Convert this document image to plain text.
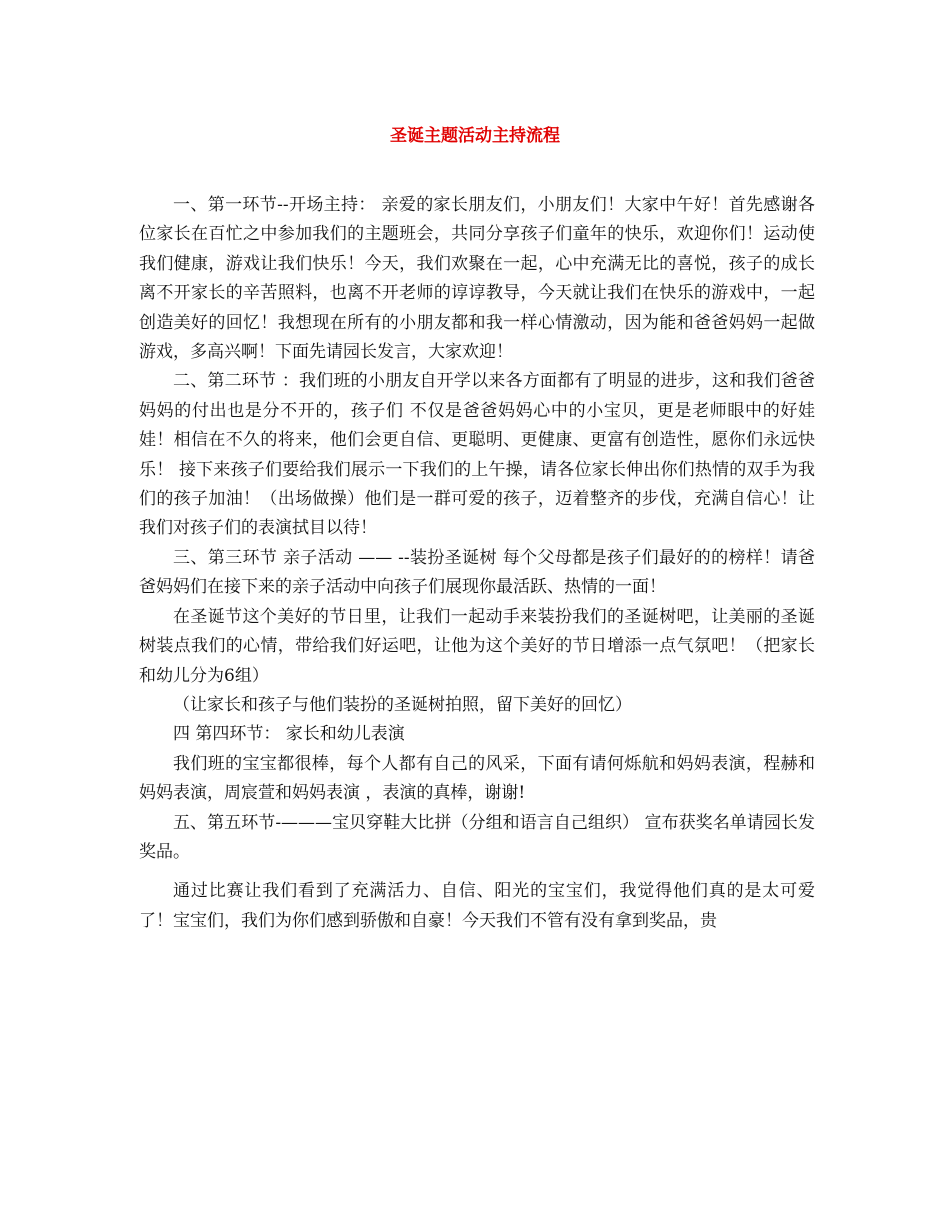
圣诞主题活动主持流程

一、第一环节--开场主持： 亲爱的家长朋友们，小朋友们！大家中午好！首先感谢各位家长在百忙之中参加我们的主题班会，共同分享孩子们童年的快乐，欢迎你们！运动使我们健康，游戏让我们快乐！今天，我们欢聚在一起，心中充满无比的喜悦，孩子的成长离不开家长的辛苦照料，也离不开老师的谆谆教导，今天就让我们在快乐的游戏中，一起创造美好的回忆！我想现在所有的小朋友都和我一样心情激动，因为能和爸爸妈妈一起做游戏，多高兴啊！下面先请园长发言，大家欢迎！

二、第二环节 ：我们班的小朋友自开学以来各方面都有了明显的进步，这和我们爸爸妈妈的付出也是分不开的，孩子们 不仅是爸爸妈妈心中的小宝贝，更是老师眼中的好娃娃！相信在不久的将来，他们会更自信、更聪明、更健康、更富有创造性，愿你们永远快乐！ 接下来孩子们要给我们展示一下我们的上午操，请各位家长伸出你们热情的双手为我们的孩子加油！（出场做操）他们是一群可爱的孩子，迈着整齐的步伐，充满自信心！让我们对孩子们的表演拭目以待！

三、第三环节 亲子活动 —— --装扮圣诞树 每个父母都是孩子们最好的的榜样！请爸爸妈妈们在接下来的亲子活动中向孩子们展现你最活跃、热情的一面！

在圣诞节这个美好的节日里，让我们一起动手来装扮我们的圣诞树吧，让美丽的圣诞树装点我们的心情，带给我们好运吧，让他为这个美好的节日增添一点气氛吧！（把家长和幼儿分为6组）

（让家长和孩子与他们装扮的圣诞树拍照，留下美好的回忆）

四 第四环节： 家长和幼儿表演

我们班的宝宝都很棒，每个人都有自己的风采，下面有请何烁航和妈妈表演，程赫和妈妈表演，周宸萱和妈妈表演 ，表演的真棒，谢谢!

五、第五环节-———宝贝穿鞋大比拼（分组和语言自己组织） 宣布获奖名单请园长发奖品。

通过比赛让我们看到了充满活力、自信、阳光的宝宝们，我觉得他们真的是太可爱了！宝宝们，我们为你们感到骄傲和自豪！今天我们不管有没有拿到奖品，贵
